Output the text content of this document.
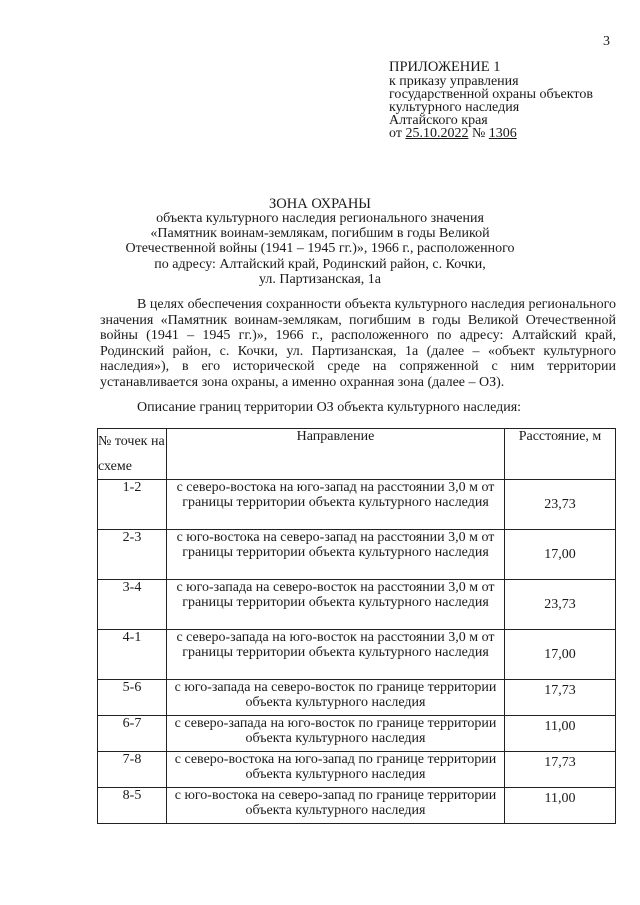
3
ПРИЛОЖЕНИЕ 1
к приказу управления
государственной охраны объектов
культурного наследия
Алтайского края
от 25.10.2022 № 1306
ЗОНА ОХРАНЫ
объекта культурного наследия регионального значения
«Памятник воинам-землякам, погибшим в годы Великой
Отечественной войны (1941 – 1945 гг.)», 1966 г., расположенного
по адресу: Алтайский край, Родинский район, с. Кочки,
ул. Партизанская, 1а

В целях обеспечения сохранности объекта культурного наследия регионального значения «Памятник воинам-землякам, погибшим в годы Великой Отечественной войны (1941 – 1945 гг.)», 1966 г., расположенного по адресу: Алтайский край, Родинский район, с. Кочки, ул. Партизанская, 1а (далее – «объект культурного наследия»), в его исторической среде на сопряженной с ним территории устанавливается зона охраны, а именно охранная зона (далее – ОЗ).

Описание границ территории ОЗ объекта культурного наследия:
№ точек на схеме	Направление	Расстояние, м
1-2	с северо-востока на юго-запад на расстоянии 3,0 м от границы территории объекта культурного наследия	23,73
2-3	с юго-востока на северо-запад на расстоянии 3,0 м от границы территории объекта культурного наследия	17,00
3-4	с юго-запада на северо-восток на расстоянии 3,0 м от границы территории объекта культурного наследия	23,73
4-1	с северо-запада на юго-восток на расстоянии 3,0 м от границы территории объекта культурного наследия	17,00
5-6	с юго-запада на северо-восток по границе территории объекта культурного наследия	17,73
6-7	с северо-запада на юго-восток по границе территории объекта культурного наследия	11,00
7-8	с северо-востока на юго-запад по границе территории объекта культурного наследия	17,73
8-5	с юго-востока на северо-запад по границе территории объекта культурного наследия	11,00
